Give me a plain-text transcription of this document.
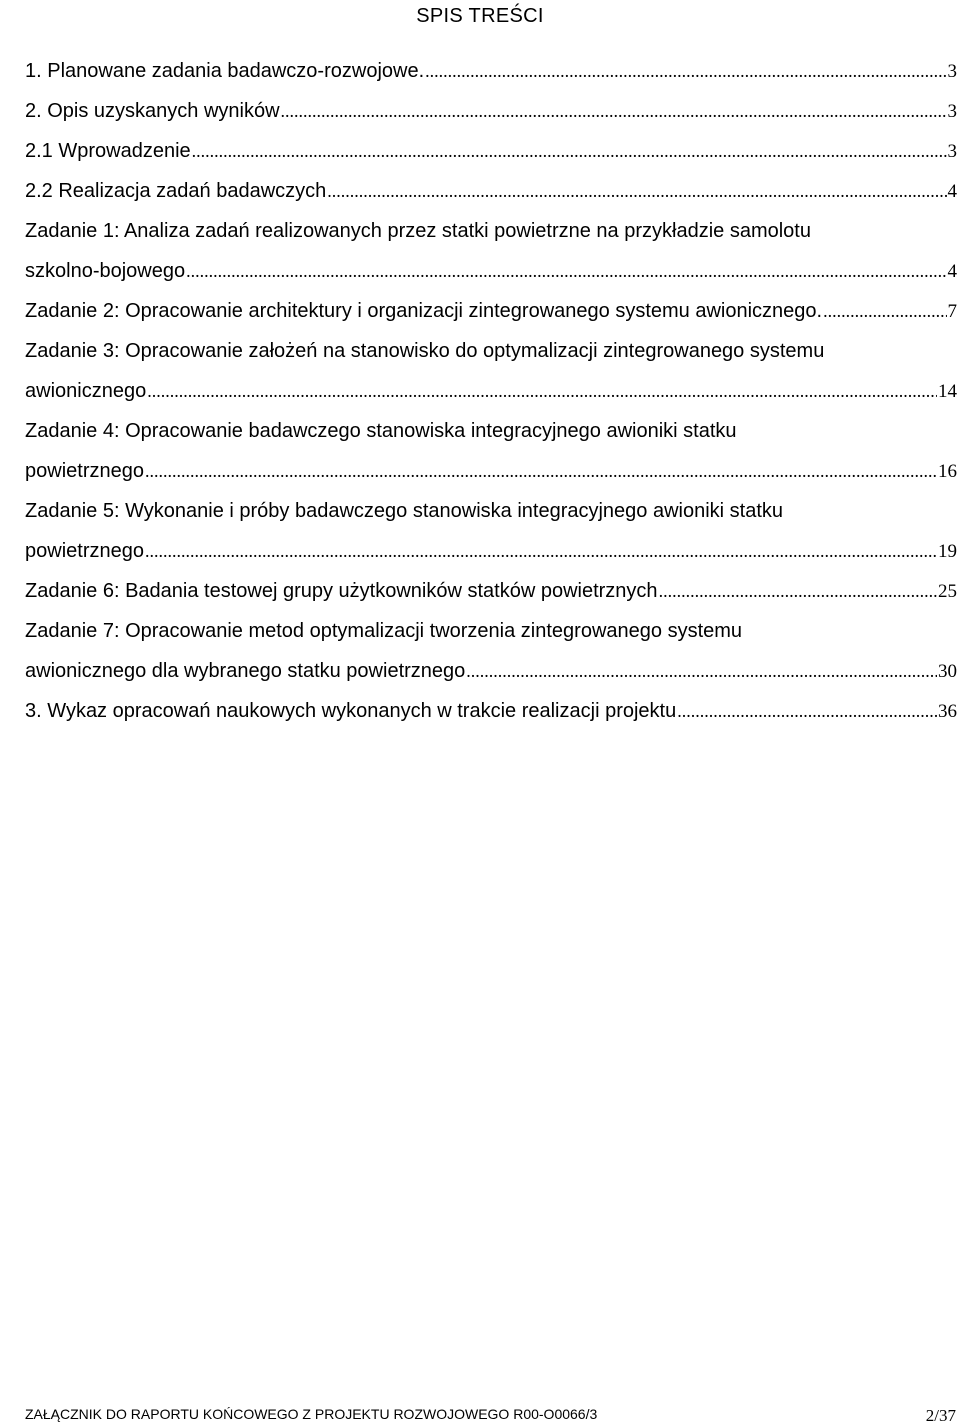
SPIS TREŚCI
1. Planowane zadania badawczo-rozwojowe. .....	3
2. Opis uzyskanych wyników .....	3
2.1 Wprowadzenie .....	3
2.2 Realizacja zadań badawczych .....	4
Zadanie 1: Analiza zadań realizowanych przez statki powietrzne na przykładzie samolotu
szkolno-bojowego .....	4
Zadanie 2: Opracowanie architektury i organizacji zintegrowanego systemu awionicznego. .....	7
Zadanie 3: Opracowanie założeń na stanowisko do optymalizacji zintegrowanego systemu
awionicznego .....	14
Zadanie 4: Opracowanie badawczego stanowiska integracyjnego awioniki statku
powietrznego .....	16
Zadanie 5: Wykonanie i próby badawczego stanowiska integracyjnego awioniki statku
powietrznego .....	19
Zadanie 6: Badania testowej grupy użytkowników statków powietrznych .....	25
Zadanie 7: Opracowanie metod optymalizacji tworzenia zintegrowanego systemu
awionicznego dla wybranego statku powietrznego .....	30
3. Wykaz opracowań naukowych wykonanych w trakcie realizacji projektu .....	36
ZAŁĄCZNIK DO RAPORTU KOŃCOWEGO Z PROJEKTU ROZWOJOWEGO R00-O0066/3	2/37
